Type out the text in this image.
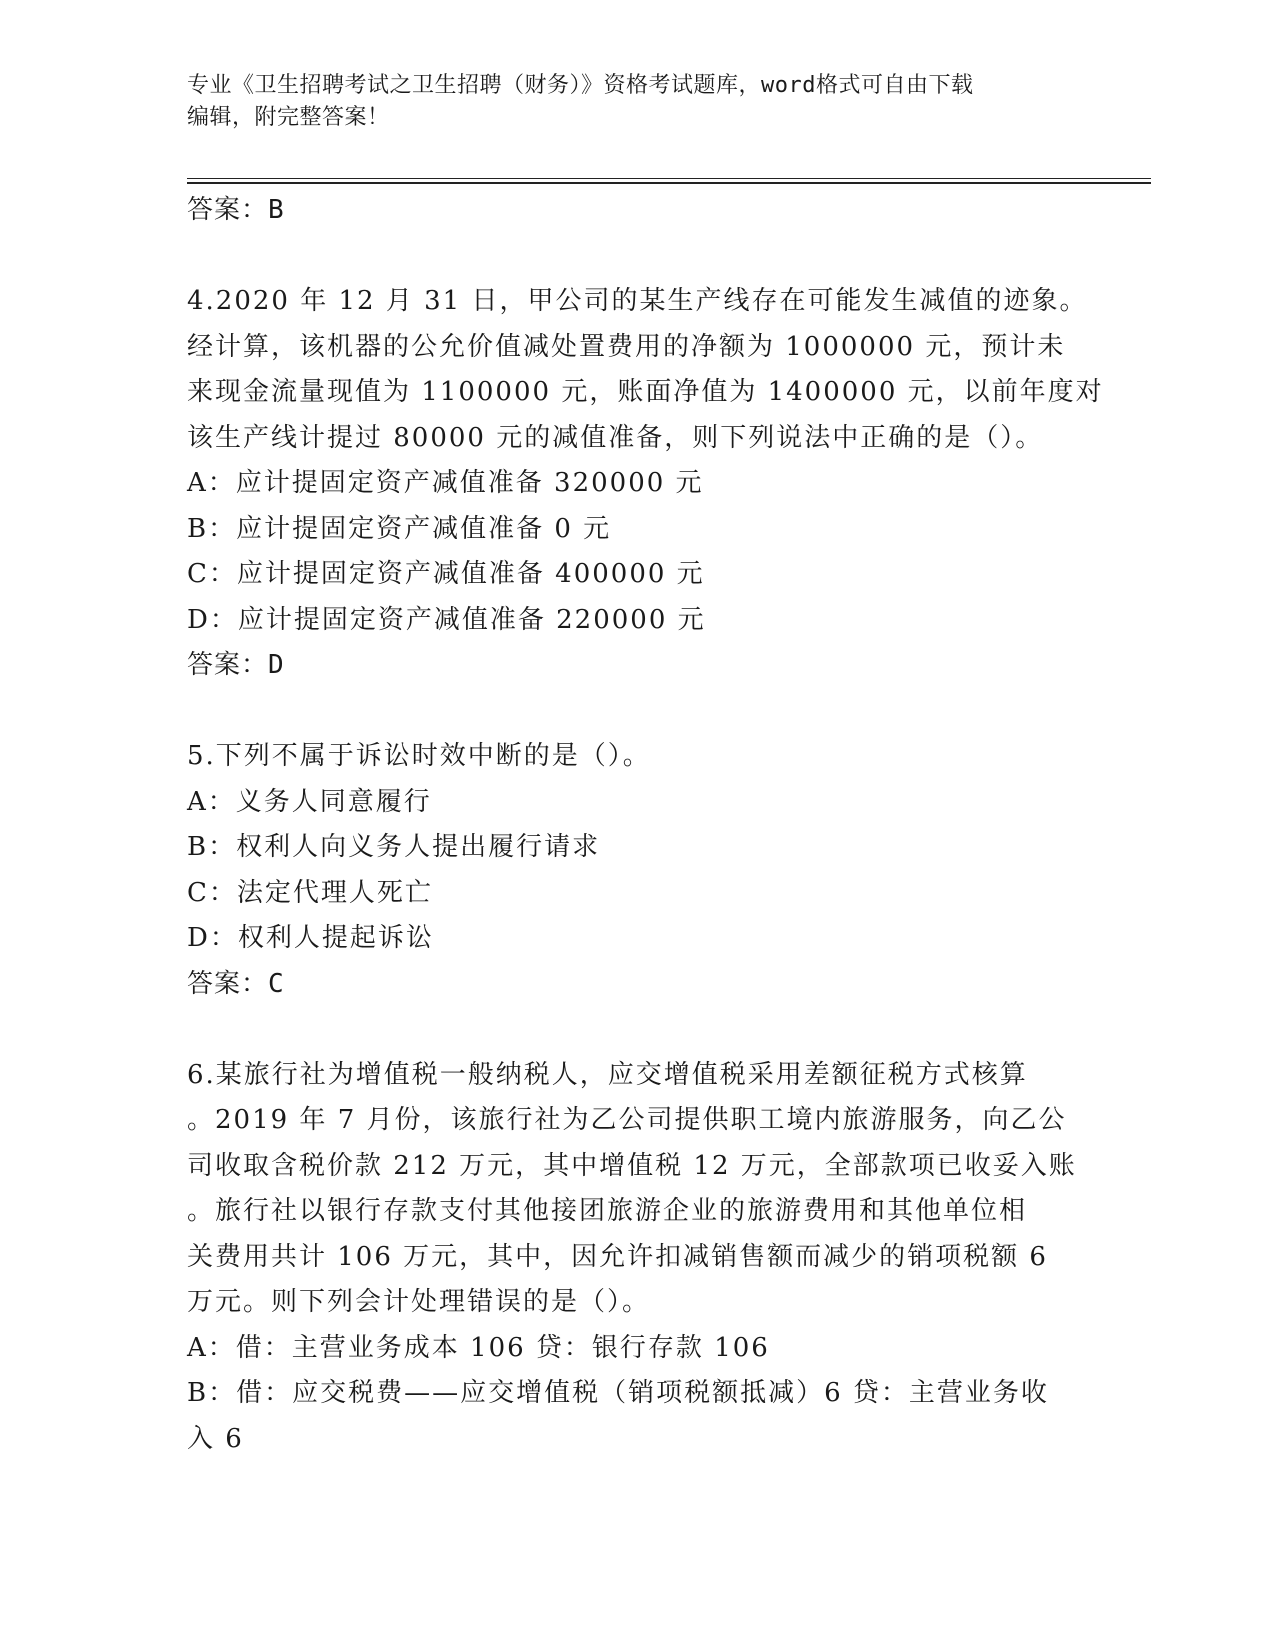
专业《卫生招聘考试之卫生招聘（财务）》资格考试题库，word格式可自由下载
编辑，附完整答案！
答案：B
4.2020 年 12 月 31 日，甲公司的某生产线存在可能发生减值的迹象。
经计算，该机器的公允价值减处置费用的净额为 1000000 元，预计未
来现金流量现值为 1100000 元，账面净值为 1400000 元，以前年度对
该生产线计提过 80000 元的减值准备，则下列说法中正确的是（）。
A：应计提固定资产减值准备 320000 元
B：应计提固定资产减值准备 0 元
C：应计提固定资产减值准备 400000 元
D：应计提固定资产减值准备 220000 元
答案：D
5.下列不属于诉讼时效中断的是（）。
A：义务人同意履行
B：权利人向义务人提出履行请求
C：法定代理人死亡
D：权利人提起诉讼
答案：C
6.某旅行社为增值税一般纳税人，应交增值税采用差额征税方式核算
。2019 年 7 月份，该旅行社为乙公司提供职工境内旅游服务，向乙公
司收取含税价款 212 万元，其中增值税 12 万元，全部款项已收妥入账
。旅行社以银行存款支付其他接团旅游企业的旅游费用和其他单位相
关费用共计 106 万元，其中，因允许扣减销售额而减少的销项税额 6
万元。则下列会计处理错误的是（）。
A：借：主营业务成本 106 贷：银行存款 106
B：借：应交税费——应交增值税（销项税额抵减）6 贷：主营业务收
入 6
